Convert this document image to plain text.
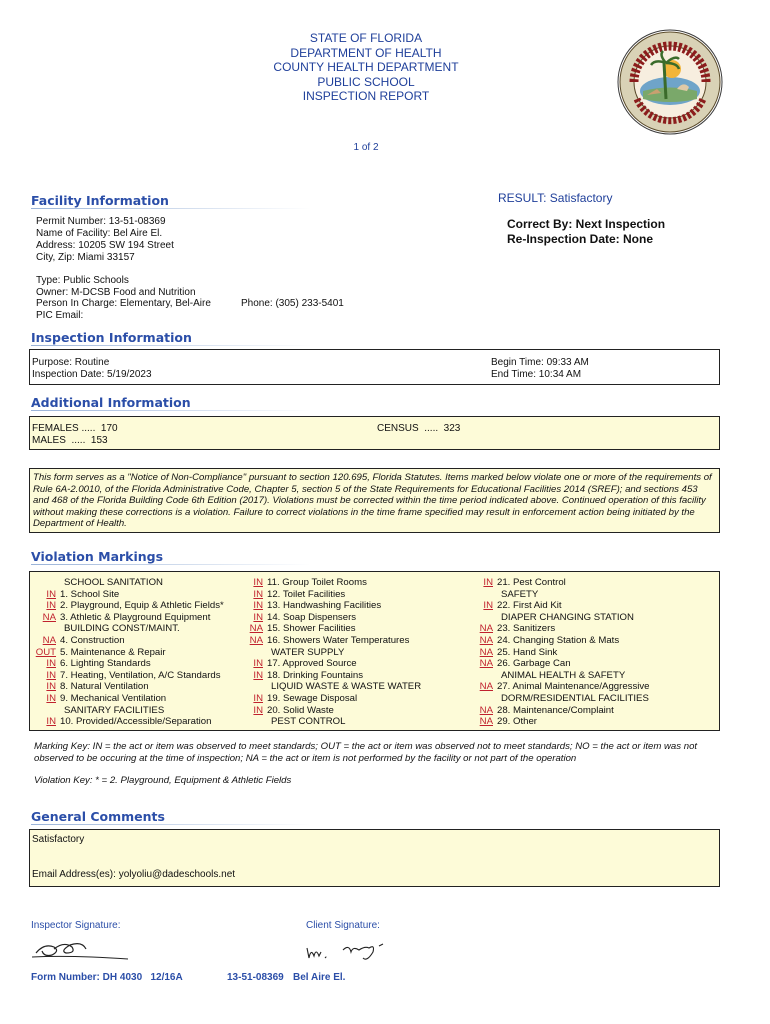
STATE OF FLORIDA
DEPARTMENT OF HEALTH
COUNTY HEALTH DEPARTMENT
PUBLIC SCHOOL
INSPECTION REPORT
1 of 2
Facility Information	RESULT: Satisfactory
Permit Number: 13-51-08369
Name of Facility: Bel Aire El.
Address: 10205 SW 194 Street
City, Zip: Miami 33157
Type: Public Schools
Owner: M-DCSB Food and Nutrition
Person In Charge: Elementary, Bel-Aire
PIC Email:
Phone: (305) 233-5401
Correct By: Next Inspection
Re-Inspection Date: None
Inspection Information
Purpose: Routine
Inspection Date: 5/19/2023
Begin Time: 09:33 AM
End Time: 10:34 AM
Additional Information
FEMALES .....  170
MALES  .....  153
CENSUS  .....  323
This form serves as a "Notice of Non-Compliance" pursuant to section 120.695, Florida Statutes. Items marked below violate one or more of the requirements of Rule 6A-2.0010, of the Florida Administrative Code, Chapter 5, section 5 of the State Requirements for Educational Facilities 2014 (SREF); and sections 453 and 468 of the Florida Building Code 6th Edition (2017). Violations must be corrected within the time period indicated above. Continued operation of this facility without making these corrections is a violation. Failure to correct violations in the time frame specified may result in enforcement action being initiated by the Department of Health.
Violation Markings
SCHOOL SANITATION
IN 1. School Site
IN 2. Playground, Equip & Athletic Fields*
NA 3. Athletic & Playground Equipment
BUILDING CONST/MAINT.
NA 4. Construction
OUT 5. Maintenance & Repair
IN 6. Lighting Standards
IN 7. Heating, Ventilation, A/C Standards
IN 8. Natural Ventilation
IN 9. Mechanical Ventilation
SANITARY FACILITIES
IN 10. Provided/Accessible/Separation
IN 11. Group Toilet Rooms
IN 12. Toilet Facilities
IN 13. Handwashing Facilities
IN 14. Soap Dispensers
NA 15. Shower Facilities
NA 16. Showers Water Temperatures
WATER SUPPLY
IN 17. Approved Source
IN 18. Drinking Fountains
LIQUID WASTE & WASTE WATER
IN 19. Sewage Disposal
IN 20. Solid Waste
PEST CONTROL
IN 21. Pest Control
SAFETY
IN 22. First Aid Kit
DIAPER CHANGING STATION
NA 23. Sanitizers
NA 24. Changing Station & Mats
NA 25. Hand Sink
NA 26. Garbage Can
ANIMAL HEALTH & SAFETY
NA 27. Animal Maintenance/Aggressive
DORM/RESIDENTIAL FACILITIES
NA 28. Maintenance/Complaint
NA 29. Other
Marking Key: IN = the act or item was observed to meet standards; OUT = the act or item was observed not to meet standards; NO = the act or item was not observed to be occuring at the time of inspection; NA = the act or item is not performed by the facility or not part of the operation
Violation Key: * = 2. Playground, Equipment & Athletic Fields
General Comments
Satisfactory
Email Address(es): yolyoliu@dadeschools.net
Inspector Signature:	Client Signature:
Form Number: DH 4030   12/16A	13-51-08369 Bel Aire El.
